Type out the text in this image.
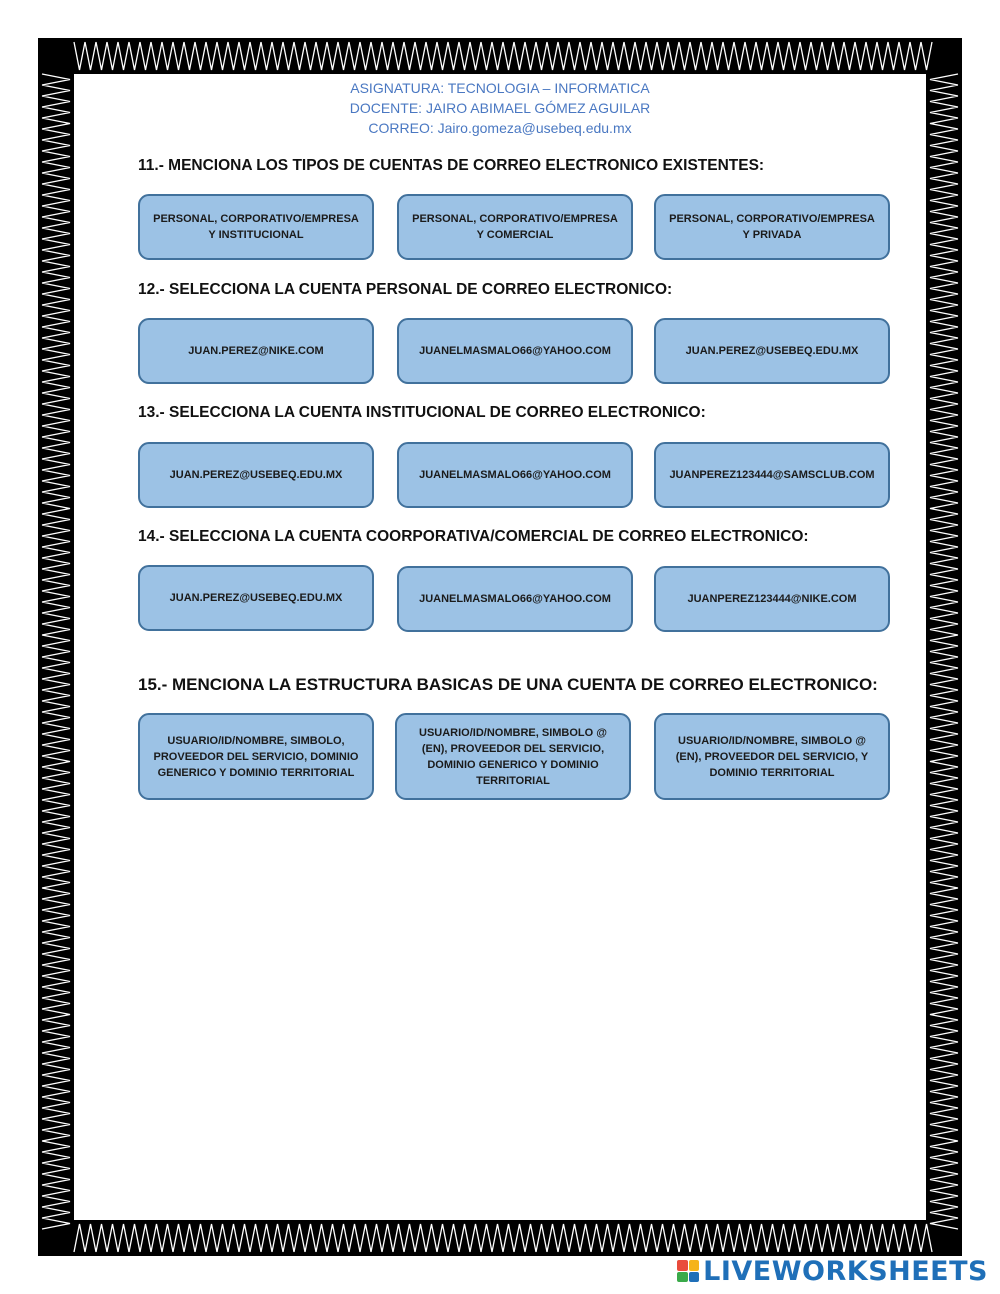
ASIGNATURA: TECNOLOGIA – INFORMATICA
DOCENTE: JAIRO ABIMAEL GÓMEZ AGUILAR
CORREO: Jairo.gomeza@usebeq.edu.mx
11.- MENCIONA LOS TIPOS DE CUENTAS DE CORREO ELECTRONICO EXISTENTES:
PERSONAL, CORPORATIVO/EMPRESA Y INSTITUCIONAL
PERSONAL, CORPORATIVO/EMPRESA Y COMERCIAL
PERSONAL, CORPORATIVO/EMPRESA Y PRIVADA
12.- SELECCIONA LA CUENTA PERSONAL DE CORREO ELECTRONICO:
JUAN.PEREZ@NIKE.COM	JUANELMASMALO66@YAHOO.COM	JUAN.PEREZ@USEBEQ.EDU.MX
13.- SELECCIONA LA CUENTA INSTITUCIONAL DE CORREO ELECTRONICO:
JUAN.PEREZ@USEBEQ.EDU.MX	JUANELMASMALO66@YAHOO.COM	JUANPEREZ123444@SAMSCLUB.COM
14.- SELECCIONA LA CUENTA COORPORATIVA/COMERCIAL DE CORREO ELECTRONICO:
JUAN.PEREZ@USEBEQ.EDU.MX	JUANELMASMALO66@YAHOO.COM	JUANPEREZ123444@NIKE.COM
15.- MENCIONA LA ESTRUCTURA BASICAS DE UNA CUENTA DE CORREO ELECTRONICO:
USUARIO/ID/NOMBRE, SIMBOLO, PROVEEDOR DEL SERVICIO, DOMINIO GENERICO Y DOMINIO TERRITORIAL
USUARIO/ID/NOMBRE, SIMBOLO @ (EN), PROVEEDOR DEL SERVICIO, DOMINIO GENERICO Y DOMINIO TERRITORIAL
USUARIO/ID/NOMBRE, SIMBOLO @ (EN), PROVEEDOR DEL SERVICIO, Y DOMINIO TERRITORIAL
LIVEWORKSHEETS
